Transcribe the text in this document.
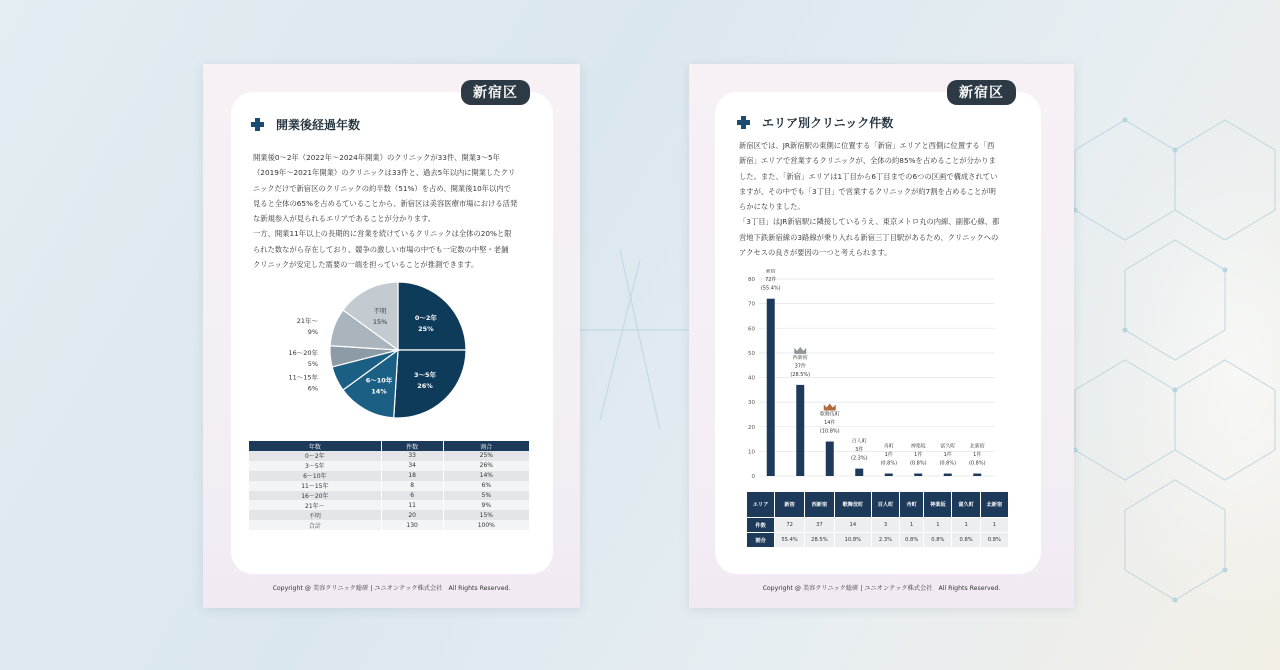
新宿区
開業後経過年数
開業後0〜2年（2022年〜2024年開業）のクリニックが33件、開業3〜5年
（2019年〜2021年開業）のクリニックは33件と、過去5年以内に開業したクリ
ニックだけで新宿区のクリニックの約半数（51%）を占め、開業後10年以内で
見ると全体の65%を占めるていることから、新宿区は美容医療市場における活発
な新規参入が見られるエリアであることが分かります。
一方、開業11年以上の長期的に営業を続けているクリニックは全体の20%と限
られた数ながら存在しており、競争の激しい市場の中でも一定数の中堅・老舗
クリニックが安定した需要の一端を担っていることが推測できます。
0〜2年
25%
3〜5年
26%
6〜10年
14%
11〜15年
6%
16〜20年
5%
21年〜
9%
不明
15%
年数	件数	割合
0〜2年	33	25%
3〜5年	34	26%
6〜10年	18	14%
11〜15年	8	6%
16〜20年	6	5%
21年〜	11	9%
不明	20	15%
合計	130	100%
Copyright @ 美容クリニック総研 | ユニオンテック株式会社　All Rights Reserved.
新宿区
エリア別クリニック件数
新宿区では、JR新宿駅の東側に位置する「新宿」エリアと西側に位置する「西
新宿」エリアで営業するクリニックが、全体の約85%を占めることが分かりま
した。また、「新宿」エリアは1丁目から6丁目までの6つの区画で構成されてい
ますが、その中でも「3丁目」で営業するクリニックが約7割を占めることが明
らかになりました。
「3丁目」はJR新宿駅に隣接しているうえ、東京メトロ丸の内線、副都心線、都
営地下鉄新宿線の3路線が乗り入れる新宿三丁目駅があるため、クリニックへの
アクセスの良さが要因の一つと考えられます。
0
10
20
30
40
50
60
70
80
新宿
72件
(55.4%)
西新宿
37件
(28.5%)
歌舞伎町
14件
(10.8%)
百人町
3件
(2.3%)
舟町
1件
(0.8%)
神楽坂
1件
(0.8%)
富久町
1件
(0.8%)
北新宿
1件
(0.8%)
エリア	新宿	西新宿	歌舞伎町	百人町	舟町	神楽坂	富久町	北新宿
件数	72	37	14	3	1	1	1	1
割合	55.4%	28.5%	10.8%	2.3%	0.8%	0.8%	0.8%	0.8%
Copyright @ 美容クリニック総研 | ユニオンテック株式会社　All Rights Reserved.
